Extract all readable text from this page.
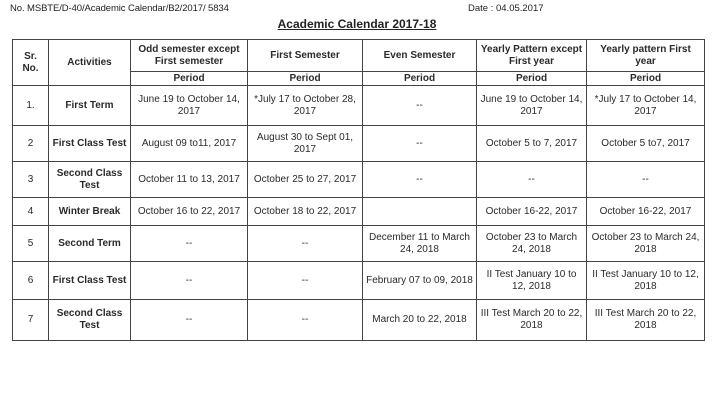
No. MSBTE/D-40/Academic Calendar/B2/2017/ 5834	Date : 04.05.2017
Academic Calendar 2017-18
Sr. No.	Activities	Odd semester except First semester	First Semester	Even Semester	Yearly Pattern except First year	Yearly pattern First year
		Period	Period	Period	Period	Period
1.	First Term	June 19 to October 14, 2017	*July 17 to October 28, 2017	--	June 19 to October 14, 2017	*July 17 to October 14, 2017
2	First Class Test	August 09 to11, 2017	August 30 to Sept 01, 2017	--	October 5 to 7, 2017	October 5 to7, 2017
3	Second Class Test	October 11 to 13, 2017	October 25 to 27, 2017	--	--	--
4	Winter Break	October 16 to 22, 2017	October 18 to 22, 2017		October 16-22, 2017	October 16-22, 2017
5	Second Term	--	--	December 11 to March 24, 2018	October 23 to March 24, 2018	October 23 to March 24, 2018
6	First Class Test	--	--	February 07 to 09, 2018	II Test January 10 to 12, 2018	II Test January 10 to 12, 2018
7	Second Class Test	--	--	March 20 to 22, 2018	III Test March 20 to 22, 2018	III Test March 20 to 22, 2018
